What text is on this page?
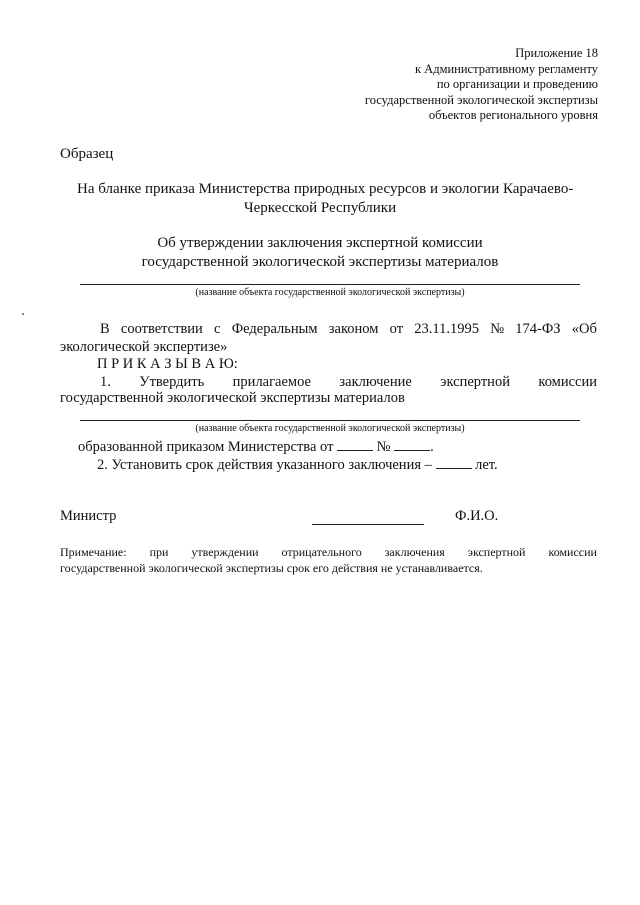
Приложение 18
к Административному регламенту
по организации и проведению
государственной экологической экспертизы
объектов регионального уровня

Образец

На бланке приказа Министерства природных ресурсов и экологии Карачаево-

Черкесской Республики

Об утверждении заключения экспертной комиссии

государственной экологической экспертизы материалов

(название объекта государственной экологической экспертизы)

В соответствии с Федеральным законом от 23.11.1995 № 174-ФЗ «Об

экологической экспертизе»

П Р И К А З Ы В А Ю:

1. Утвердить прилагаемое заключение экспертной комиссии

государственной экологической экспертизы материалов

(название объекта государственной экологической экспертизы)

образованной приказом Министерства от	№	.
2. Установить срок действия указанного заключения –	лет.

Министр	Ф.И.О.

Примечание: при утверждении отрицательного заключения экспертной комиссии

государственной экологической экспертизы срок его действия не устанавливается.
